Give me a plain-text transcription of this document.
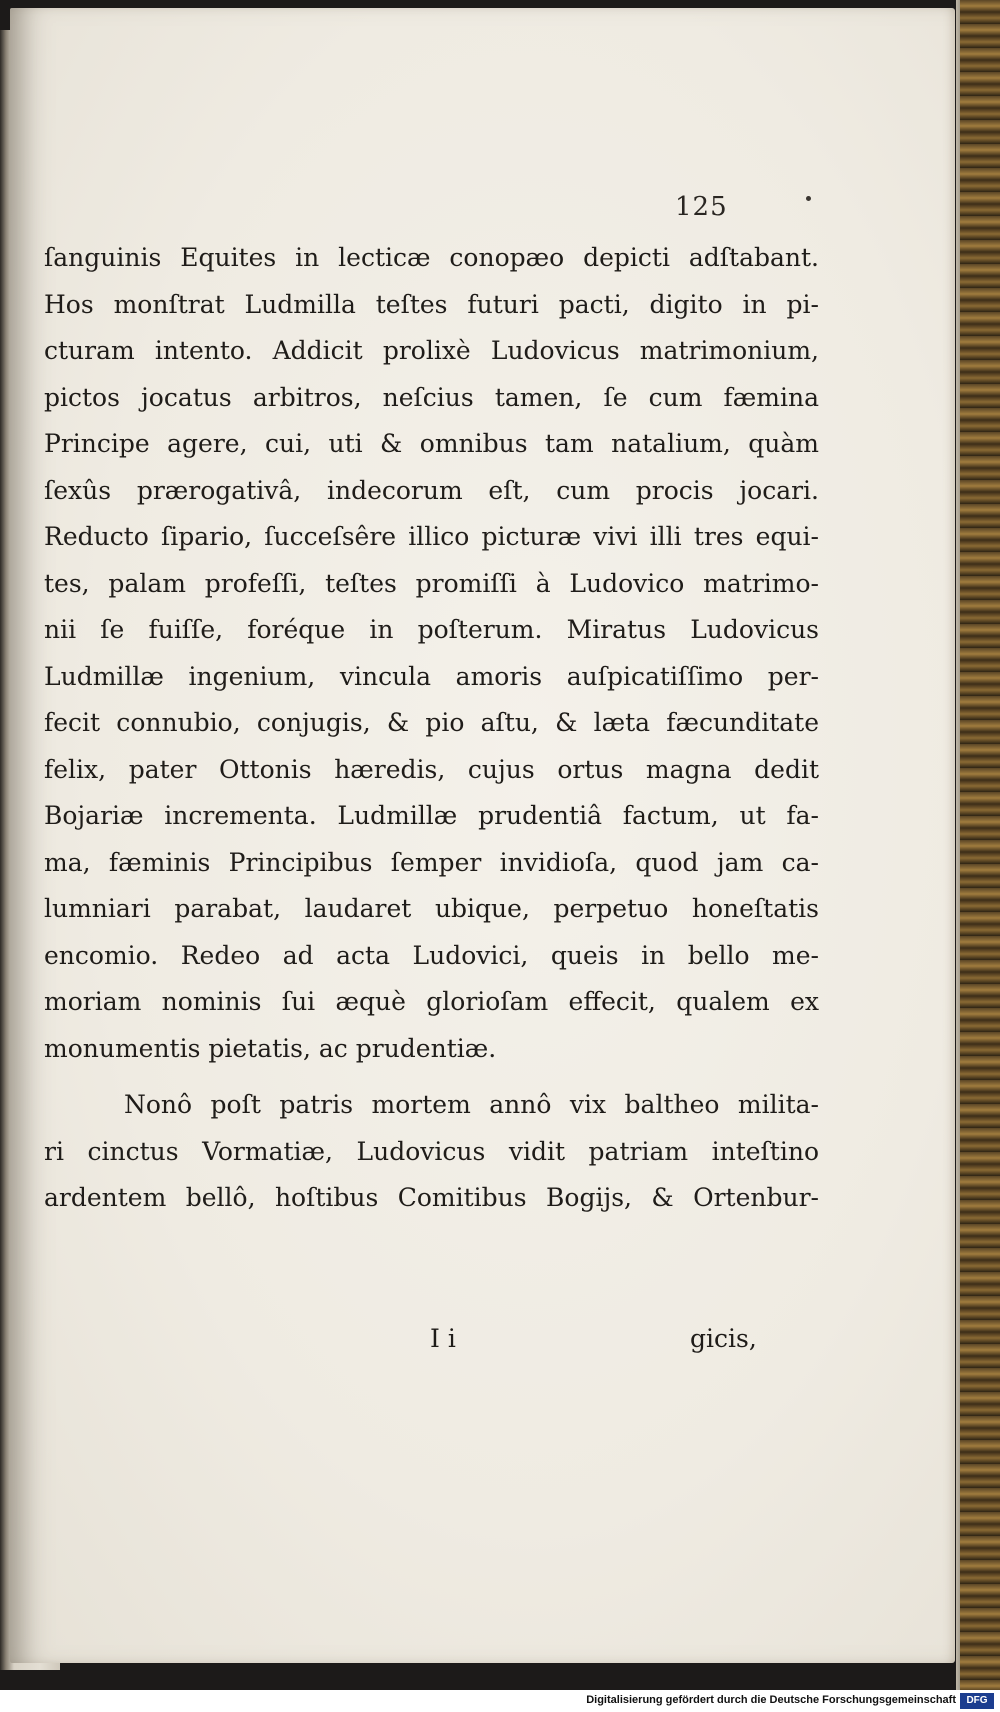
125
ſanguinis Equites in lecticæ conopæo depicti adſtabant.
Hos monſtrat Ludmilla teſtes futuri pacti, digito in pi-
cturam intento. Addicit prolixè Ludovicus matrimonium,
pictos jocatus arbitros, neſcius tamen, ſe cum fæmina
Principe agere, cui, uti & omnibus tam natalium, quàm
ſexûs prærogativâ, indecorum eſt, cum procis jocari.
Reducto ſipario, ſucceſsêre illico picturæ vivi illi tres equi-
tes, palam profeſſi, teſtes promiſſi à Ludovico matrimo-
nii ſe fuiſſe, foréque in poſterum. Miratus Ludovicus
Ludmillæ ingenium, vincula amoris auſpicatiſſimo per-
fecit connubio, conjugis, & pio aſtu, & læta fæcunditate
felix, pater Ottonis hæredis, cujus ortus magna dedit
Bojariæ incrementa. Ludmillæ prudentiâ factum, ut fa-
ma, fæminis Principibus ſemper invidioſa, quod jam ca-
lumniari parabat, laudaret ubique, perpetuo honeſtatis
encomio. Redeo ad acta Ludovici, queis in bello me-
moriam nominis ſui æquè glorioſam effecit, qualem ex
monumentis pietatis, ac prudentiæ.
Nonô poſt patris mortem annô vix baltheo milita-
ri cinctus Vormatiæ, Ludovicus vidit patriam inteſtino
ardentem bellô, hoſtibus Comitibus Bogijs, & Ortenbur-
I i	gicis,
Digitalisierung gefördert durch die Deutsche Forschungsgemeinschaft	DFG
